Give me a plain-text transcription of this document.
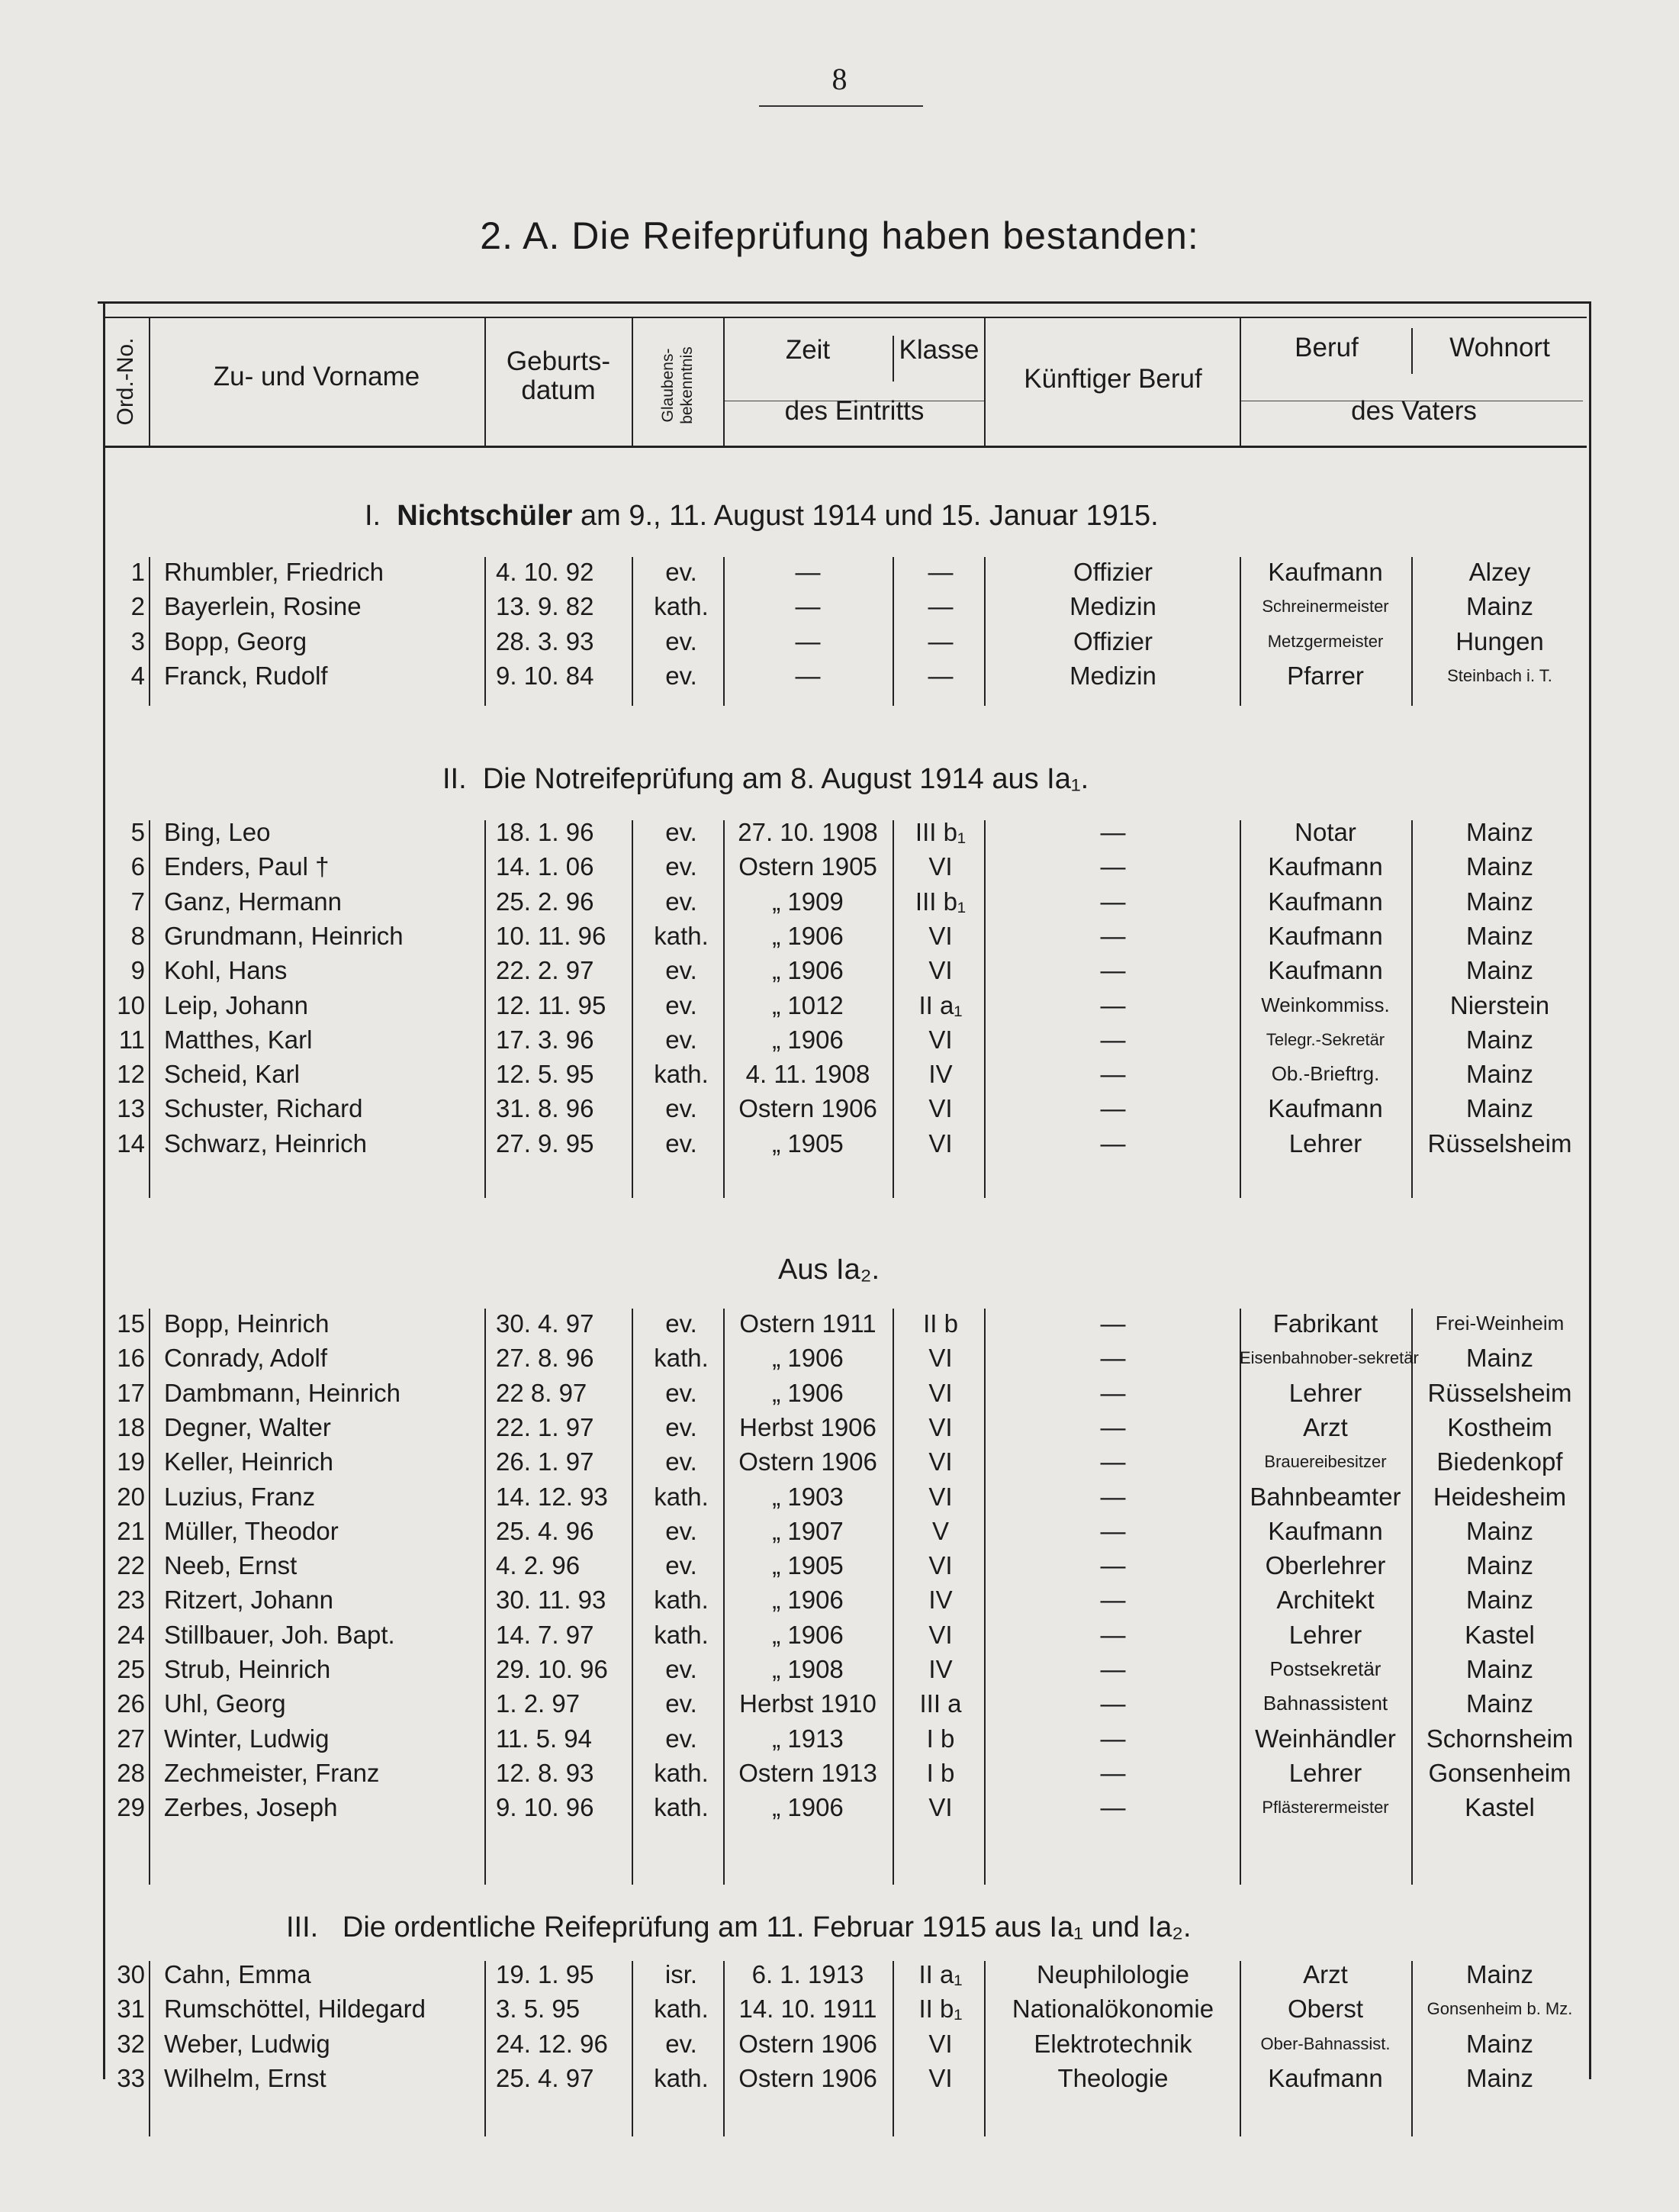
8
2. A. Die Reifeprüfung haben bestanden:
Ord.-No.	Zu- und Vorname
Geburts-datum	Glaubens-bekenntnis	Zeit	Klasse
des Eintritts
Künftiger Beruf
Beruf	Wohnort
des Vaters
I. Nichtschüler am 9., 11. August 1914 und 15. Januar 1915.
II. Die Notreifeprüfung am 8. August 1914 aus Ia₁.
Aus Ia₂.
III. Die ordentliche Reifeprüfung am 11. Februar 1915 aus Ia₁ und Ia₂.
1 Rhumbler, Friedrich	4. 10. 92	ev.	—	—	Offizier	Kaufmann	Alzey
2 Bayerlein, Rosine	13. 9. 82	kath.	—	—	Medizin	Schreinermeister	Mainz
3 Bopp, Georg	28. 3. 93	ev.	—	—	Offizier	Metzgermeister	Hungen
4 Franck, Rudolf	9. 10. 84	ev.	—	—	Medizin	Pfarrer	Steinbach i. T.
5 Bing, Leo	18. 1. 96	ev.	27. 10. 1908	III b₁	—	Notar	Mainz
6 Enders, Paul †	14. 1. 06	ev.	Ostern 1905	VI	—	Kaufmann	Mainz
7 Ganz, Hermann	25. 2. 96	ev.	„ 1909	III b₁	—	Kaufmann	Mainz
8 Grundmann, Heinrich	10. 11. 96	kath.	„ 1906	VI	—	Kaufmann	Mainz
9 Kohl, Hans	22. 2. 97	ev.	„ 1906	VI	—	Kaufmann	Mainz
10 Leip, Johann	12. 11. 95	ev.	„ 1012	II a₁	—	Weinkommiss.	Nierstein
11 Matthes, Karl	17. 3. 96	ev.	„ 1906	VI	—	Telegr.-Sekretär	Mainz
12 Scheid, Karl	12. 5. 95	kath.	4. 11. 1908	IV	—	Ob.-Brieftrg.	Mainz
13 Schuster, Richard	31. 8. 96	ev.	Ostern 1906	VI	—	Kaufmann	Mainz
14 Schwarz, Heinrich	27. 9. 95	ev.	„ 1905	VI	—	Lehrer	Rüsselsheim
15 Bopp, Heinrich	30. 4. 97	ev.	Ostern 1911	II b	—	Fabrikant	Frei-Weinheim
16 Conrady, Adolf	27. 8. 96	kath.	„ 1906	VI	—	Eisenbahnober-sekretär	Mainz
17 Dambmann, Heinrich	22 8. 97	ev.	„ 1906	VI	—	Lehrer	Rüsselsheim
18 Degner, Walter	22. 1. 97	ev.	Herbst 1906	VI	—	Arzt	Kostheim
19 Keller, Heinrich	26. 1. 97	ev.	Ostern 1906	VI	—	Brauereibesitzer	Biedenkopf
20 Luzius, Franz	14. 12. 93	kath.	„ 1903	VI	—	Bahnbeamter	Heidesheim
21 Müller, Theodor	25. 4. 96	ev.	„ 1907	V	—	Kaufmann	Mainz
22 Neeb, Ernst	4. 2. 96	ev.	„ 1905	VI	—	Oberlehrer	Mainz
23 Ritzert, Johann	30. 11. 93	kath.	„ 1906	IV	—	Architekt	Mainz
24 Stillbauer, Joh. Bapt.	14. 7. 97	kath.	„ 1906	VI	—	Lehrer	Kastel
25 Strub, Heinrich	29. 10. 96	ev.	„ 1908	IV	—	Postsekretär	Mainz
26 Uhl, Georg	1. 2. 97	ev.	Herbst 1910	III a	—	Bahnassistent	Mainz
27 Winter, Ludwig	11. 5. 94	ev.	„ 1913	I b	—	Weinhändler	Schornsheim
28 Zechmeister, Franz	12. 8. 93	kath.	Ostern 1913	I b	—	Lehrer	Gonsenheim
29 Zerbes, Joseph	9. 10. 96	kath.	„ 1906	VI	—	Pflästerermeister	Kastel
30 Cahn, Emma	19. 1. 95	isr.	6. 1. 1913	II a₁	Neuphilologie	Arzt	Mainz
31 Rumschöttel, Hildegard	3. 5. 95	kath.	14. 10. 1911	II b₁	Nationalökonomie	Oberst	Gonsenheim b. Mz.
32 Weber, Ludwig	24. 12. 96	ev.	Ostern 1906	VI	Elektrotechnik	Ober-Bahnassist.	Mainz
33 Wilhelm, Ernst	25. 4. 97	kath.	Ostern 1906	VI	Theologie	Kaufmann	Mainz
